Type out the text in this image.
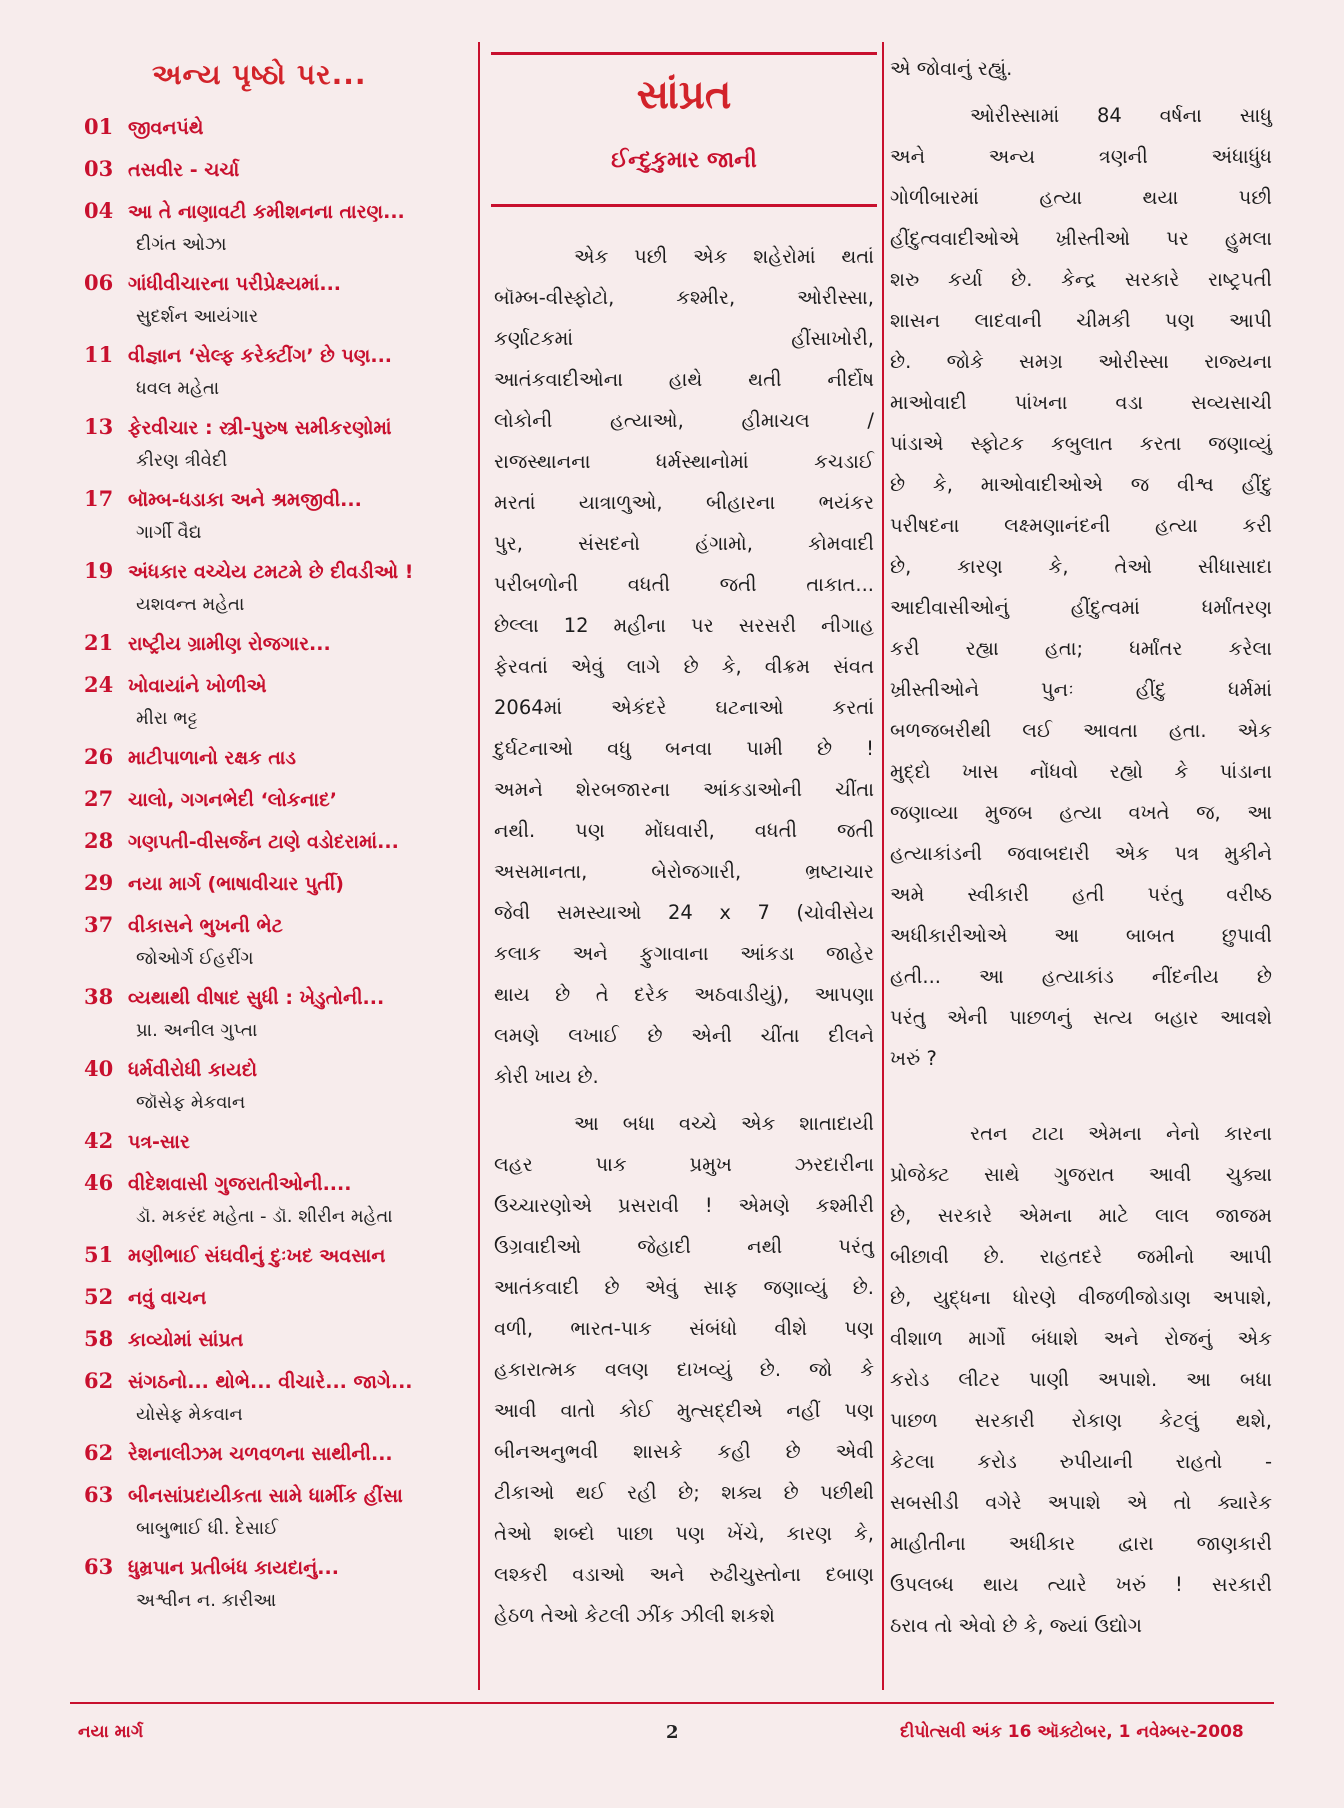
અન્ય પૃષ્ઠો પર...
01 જીવનપંથે
03 તસવીર - ચર્ચા
04 આ તે નાણાવટી કમીશનના તારણ...
દીગંત ઓઝા
06 ગાંધીવીચારના પરીપ્રેક્ષ્યમાં...
સુદર્શન આયંગાર
11 વીજ્ઞાન ‘સેલ્ફ કરેક્ટીંગ’ છે પણ...
ધવલ મહેતા
13 ફેરવીચાર : સ્ત્રી-પુરુષ સમીકરણોમાં
કીરણ ત્રીવેદી
17 બૉમ્બ-ધડાકા અને શ્રમજીવી...
ગાર્ગી વૈદ્ય
19 અંધકાર વચ્ચેય ટમટમે છે દીવડીઓ !
યશવન્ત મહેતા
21 રાષ્ટ્રીય ગ્રામીણ રોજગાર...
24 ખોવાયાંને ખોળીએ
મીરા ભટ્ટ
26 માટીપાળાનો રક્ષક તાડ
27 ચાલો, ગગનભેદી ‘લોકનાદ’
28 ગણપતી-વીસર્જન ટાણે વડોદરામાં...
29 નયા માર્ગ (ભાષાવીચાર પુર્તી)
37 વીકાસને ભુખની ભેટ
જોઓર્ગ ઈહરીંગ
38 વ્યથાથી વીષાદ સુધી : ખેડુતોની...
પ્રા. અનીલ ગુપ્તા
40 ધર્મવીરોધી કાયદો
જૉસેફ મેકવાન
42 પત્ર-સાર
46 વીદેશવાસી ગુજરાતીઓની....
ડૉ. મકરંદ મહેતા - ડૉ. શીરીન મહેતા
51 મણીભાઈ સંઘવીનું દુઃખદ અવસાન
52 નવું વાચન
58 કાવ્યોમાં સાંપ્રત
62 સંગઠનો... થોભે... વીચારે... જાગે...
યોસેફ મેકવાન
62 રેશનાલીઝમ ચળવળના સાથીની...
63 બીનસાંપ્રદાયીકતા સામે ધાર્મીક હીંસા
બાબુભાઈ ધી. દેસાઈ
63 ધુમ્રપાન પ્રતીબંધ કાયદાનું...
અશ્વીન ન. કારીઆ
સાંપ્રત
ઈન્દુકુમાર જાની

એક પછી એક શહેરોમાં થતાં

બૉમ્બ-વીસ્ફોટો, કશ્મીર, ઓરીસ્સા,

કર્ણાટકમાં હીંસાખોરી,

આતંકવાદીઓના હાથે થતી નીર્દોષ

લોકોની હત્યાઓ, હીમાચલ /

રાજસ્થાનના ધર્મસ્થાનોમાં કચડાઈ

મરતાં યાત્રાળુઓ, બીહારના ભયંકર

પુર, સંસદનો હંગામો, કોમવાદી

પરીબળોની વધતી જતી તાકાત...

છેલ્લા 12 મહીના પર સરસરી નીગાહ

ફેરવતાં એવું લાગે છે કે, વીક્રમ સંવત

2064માં એકંદરે ઘટનાઓ કરતાં

દુર્ઘટનાઓ વધુ બનવા પામી છે !

અમને શેરબજારના આંકડાઓની ચીંતા

નથી. પણ મોંઘવારી, વધતી જતી

અસમાનતા, બેરોજગારી, ભ્રષ્ટાચાર

જેવી સમસ્યાઓ 24 x 7 (ચોવીસેય

કલાક અને ફુગાવાના આંકડા જાહેર

થાય છે તે દરેક અઠવાડીયું), આપણા

લમણે લખાઈ છે એની ચીંતા દીલને

કોરી ખાય છે.

આ બધા વચ્ચે એક શાતાદાયી

લહર પાક પ્રમુખ ઝરદારીના

ઉચ્ચારણોએ પ્રસરાવી ! એમણે કશ્મીરી

ઉગ્રવાદીઓ જેહાદી નથી પરંતુ

આતંકવાદી છે એવું સાફ જણાવ્યું છે.

વળી, ભારત-પાક સંબંધો વીશે પણ

હકારાત્મક વલણ દાખવ્યું છે. જો કે

આવી વાતો કોઈ મુત્સદ્દીએ નહીં પણ

બીનઅનુભવી શાસકે કહી છે એવી

ટીકાઓ થઈ રહી છે; શક્ય છે પછીથી

તેઓ શબ્દો પાછા પણ ખેંચે, કારણ કે,

લશ્કરી વડાઓ અને રુઢીચુસ્તોના દબાણ

હેઠળ તેઓ કેટલી ઝીંક ઝીલી શકશે

એ જોવાનું રહ્યું.

ઓરીસ્સામાં 84 વર્ષના સાધુ

અને અન્ય ત્રણની અંધાધુંધ

ગોળીબારમાં હત્યા થયા પછી

હીંદુત્વવાદીઓએ ખ્રીસ્તીઓ પર હુમલા

શરુ કર્યા છે. કેન્દ્ર સરકારે રાષ્ટ્રપતી

શાસન લાદવાની ચીમકી પણ આપી

છે. જોકે સમગ્ર ઓરીસ્સા રાજ્યના

માઓવાદી પાંખના વડા સવ્યસાચી

પાંડાએ સ્ફોટક કબુલાત કરતા જણાવ્યું

છે કે, માઓવાદીઓએ જ વીશ્વ હીંદુ

પરીષદના લક્ષ્મણાનંદની હત્યા કરી

છે, કારણ કે, તેઓ સીધાસાદા

આદીવાસીઓનું હીંદુત્વમાં ધર્માંતરણ

કરી રહ્યા હતા; ધર્માંતર કરેલા

ખ્રીસ્તીઓને પુનઃ હીંદુ ધર્મમાં

બળજબરીથી લઈ આવતા હતા. એક

મુદ્દો ખાસ નોંધવો રહ્યો કે પાંડાના

જણાવ્યા મુજબ હત્યા વખતે જ, આ

હત્યાકાંડની જવાબદારી એક પત્ર મુકીને

અમે સ્વીકારી હતી પરંતુ વરીષ્ઠ

અધીકારીઓએ આ બાબત છુપાવી

હતી... આ હત્યાકાંડ નીંદનીય છે

પરંતુ એની પાછળનું સત્ય બહાર આવશે

ખરું ?

રતન ટાટા એમના નેનો કારના

પ્રોજેક્ટ સાથે ગુજરાત આવી ચુક્યા

છે, સરકારે એમના માટે લાલ જાજમ

બીછાવી છે. રાહતદરે જમીનો આપી

છે, યુદ્ધના ધોરણે વીજળીજોડાણ અપાશે,

વીશાળ માર્ગો બંધાશે અને રોજનું એક

કરોડ લીટર પાણી અપાશે. આ બધા

પાછળ સરકારી રોકાણ કેટલું થશે,

કેટલા કરોડ રુપીયાની રાહતો -

સબસીડી વગેરે અપાશે એ તો ક્યારેક

માહીતીના અધીકાર દ્વારા જાણકારી

ઉપલબ્ધ થાય ત્યારે ખરું ! સરકારી

ઠરાવ તો એવો છે કે, જ્યાં ઉદ્યોગ

નયા માર્ગ	2	દીપોત્સવી અંક 16 ઑક્ટોબર, 1 નવેમ્બર-2008
